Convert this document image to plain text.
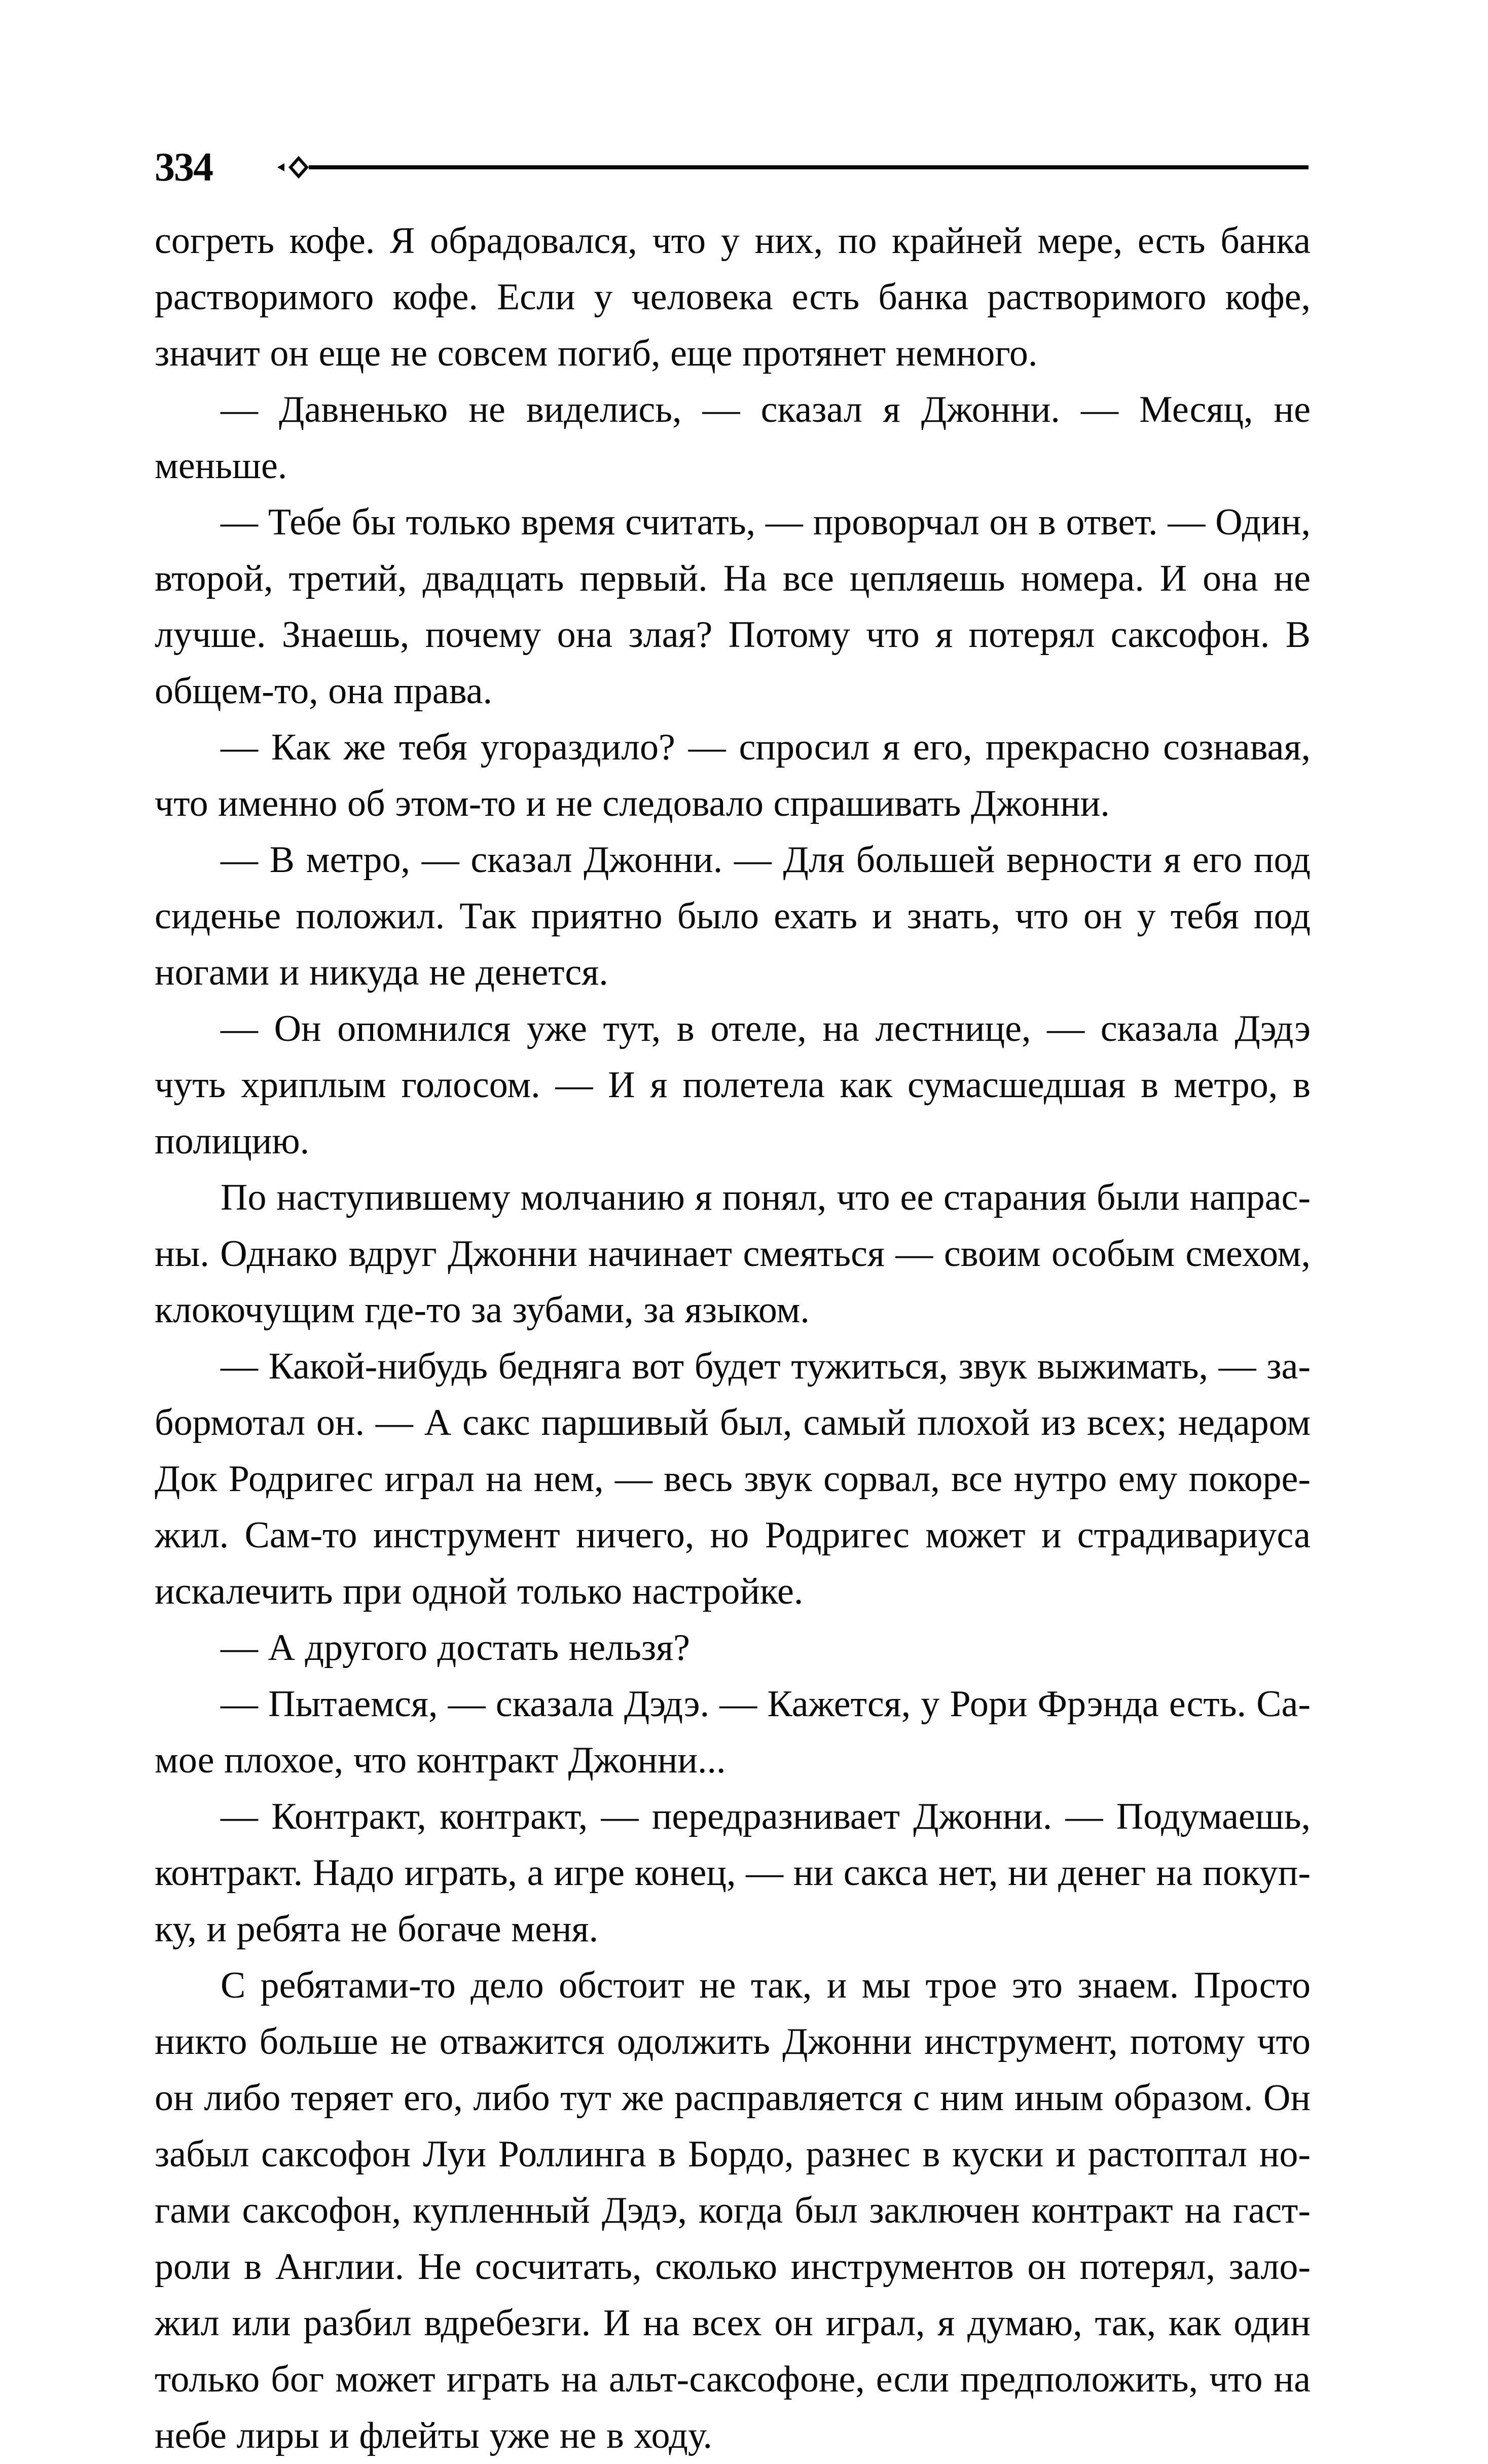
334

согреть кофе. Я обрадовался, что у них, по крайней мере, есть банка растворимого кофе. Если у человека есть банка растворимого кофе, значит он еще не совсем погиб, еще протянет немного.

— Давненько не виделись, — сказал я Джонни. — Месяц, не меньше.

— Тебе бы только время считать, — проворчал он в ответ. — Один, второй, третий, двадцать первый. На все цепляешь номера. И она не лучше. Знаешь, почему она злая? Потому что я потерял саксофон. В общем-то, она права.

— Как же тебя угораздило? — спросил я его, прекрасно сознавая, что именно об этом-то и не следовало спрашивать Джонни.

— В метро, — сказал Джонни. — Для большей верности я его под сиденье положил. Так приятно было ехать и знать, что он у тебя под ногами и никуда не денется.

— Он опомнился уже тут, в отеле, на лестнице, — сказала Дэдэ чуть хриплым голосом. — И я полетела как сумасшедшая в метро, в полицию.

По наступившему молчанию я понял, что ее старания были напрасны. Однако вдруг Джонни начинает смеяться — своим особым смехом, клокочущим где-то за зубами, за языком.

— Какой-нибудь бедняга вот будет тужиться, звук выжимать, — забормотал он. — А сакс паршивый был, самый плохой из всех; недаром Док Родригес играл на нем, — весь звук сорвал, все нутро ему покорежил. Сам-то инструмент ничего, но Родригес может и страдивариуса искалечить при одной только настройке.

— А другого достать нельзя?

— Пытаемся, — сказала Дэдэ. — Кажется, у Рори Фрэнда есть. Самое плохое, что контракт Джонни...

— Контракт, контракт, — передразнивает Джонни. — Подумаешь, контракт. Надо играть, а игре конец, — ни сакса нет, ни денег на покупку, и ребята не богаче меня.

С ребятами-то дело обстоит не так, и мы трое это знаем. Просто никто больше не отважится одолжить Джонни инструмент, потому что он либо теряет его, либо тут же расправляется с ним иным образом. Он забыл саксофон Луи Роллинга в Бордо, разнес в куски и растоптал ногами саксофон, купленный Дэдэ, когда был заключен контракт на гастроли в Англии. Не сосчитать, сколько инструментов он потерял, заложил или разбил вдребезги. И на всех он играл, я думаю, так, как один только бог может играть на альт-саксофоне, если предположить, что на небе лиры и флейты уже не в ходу.
